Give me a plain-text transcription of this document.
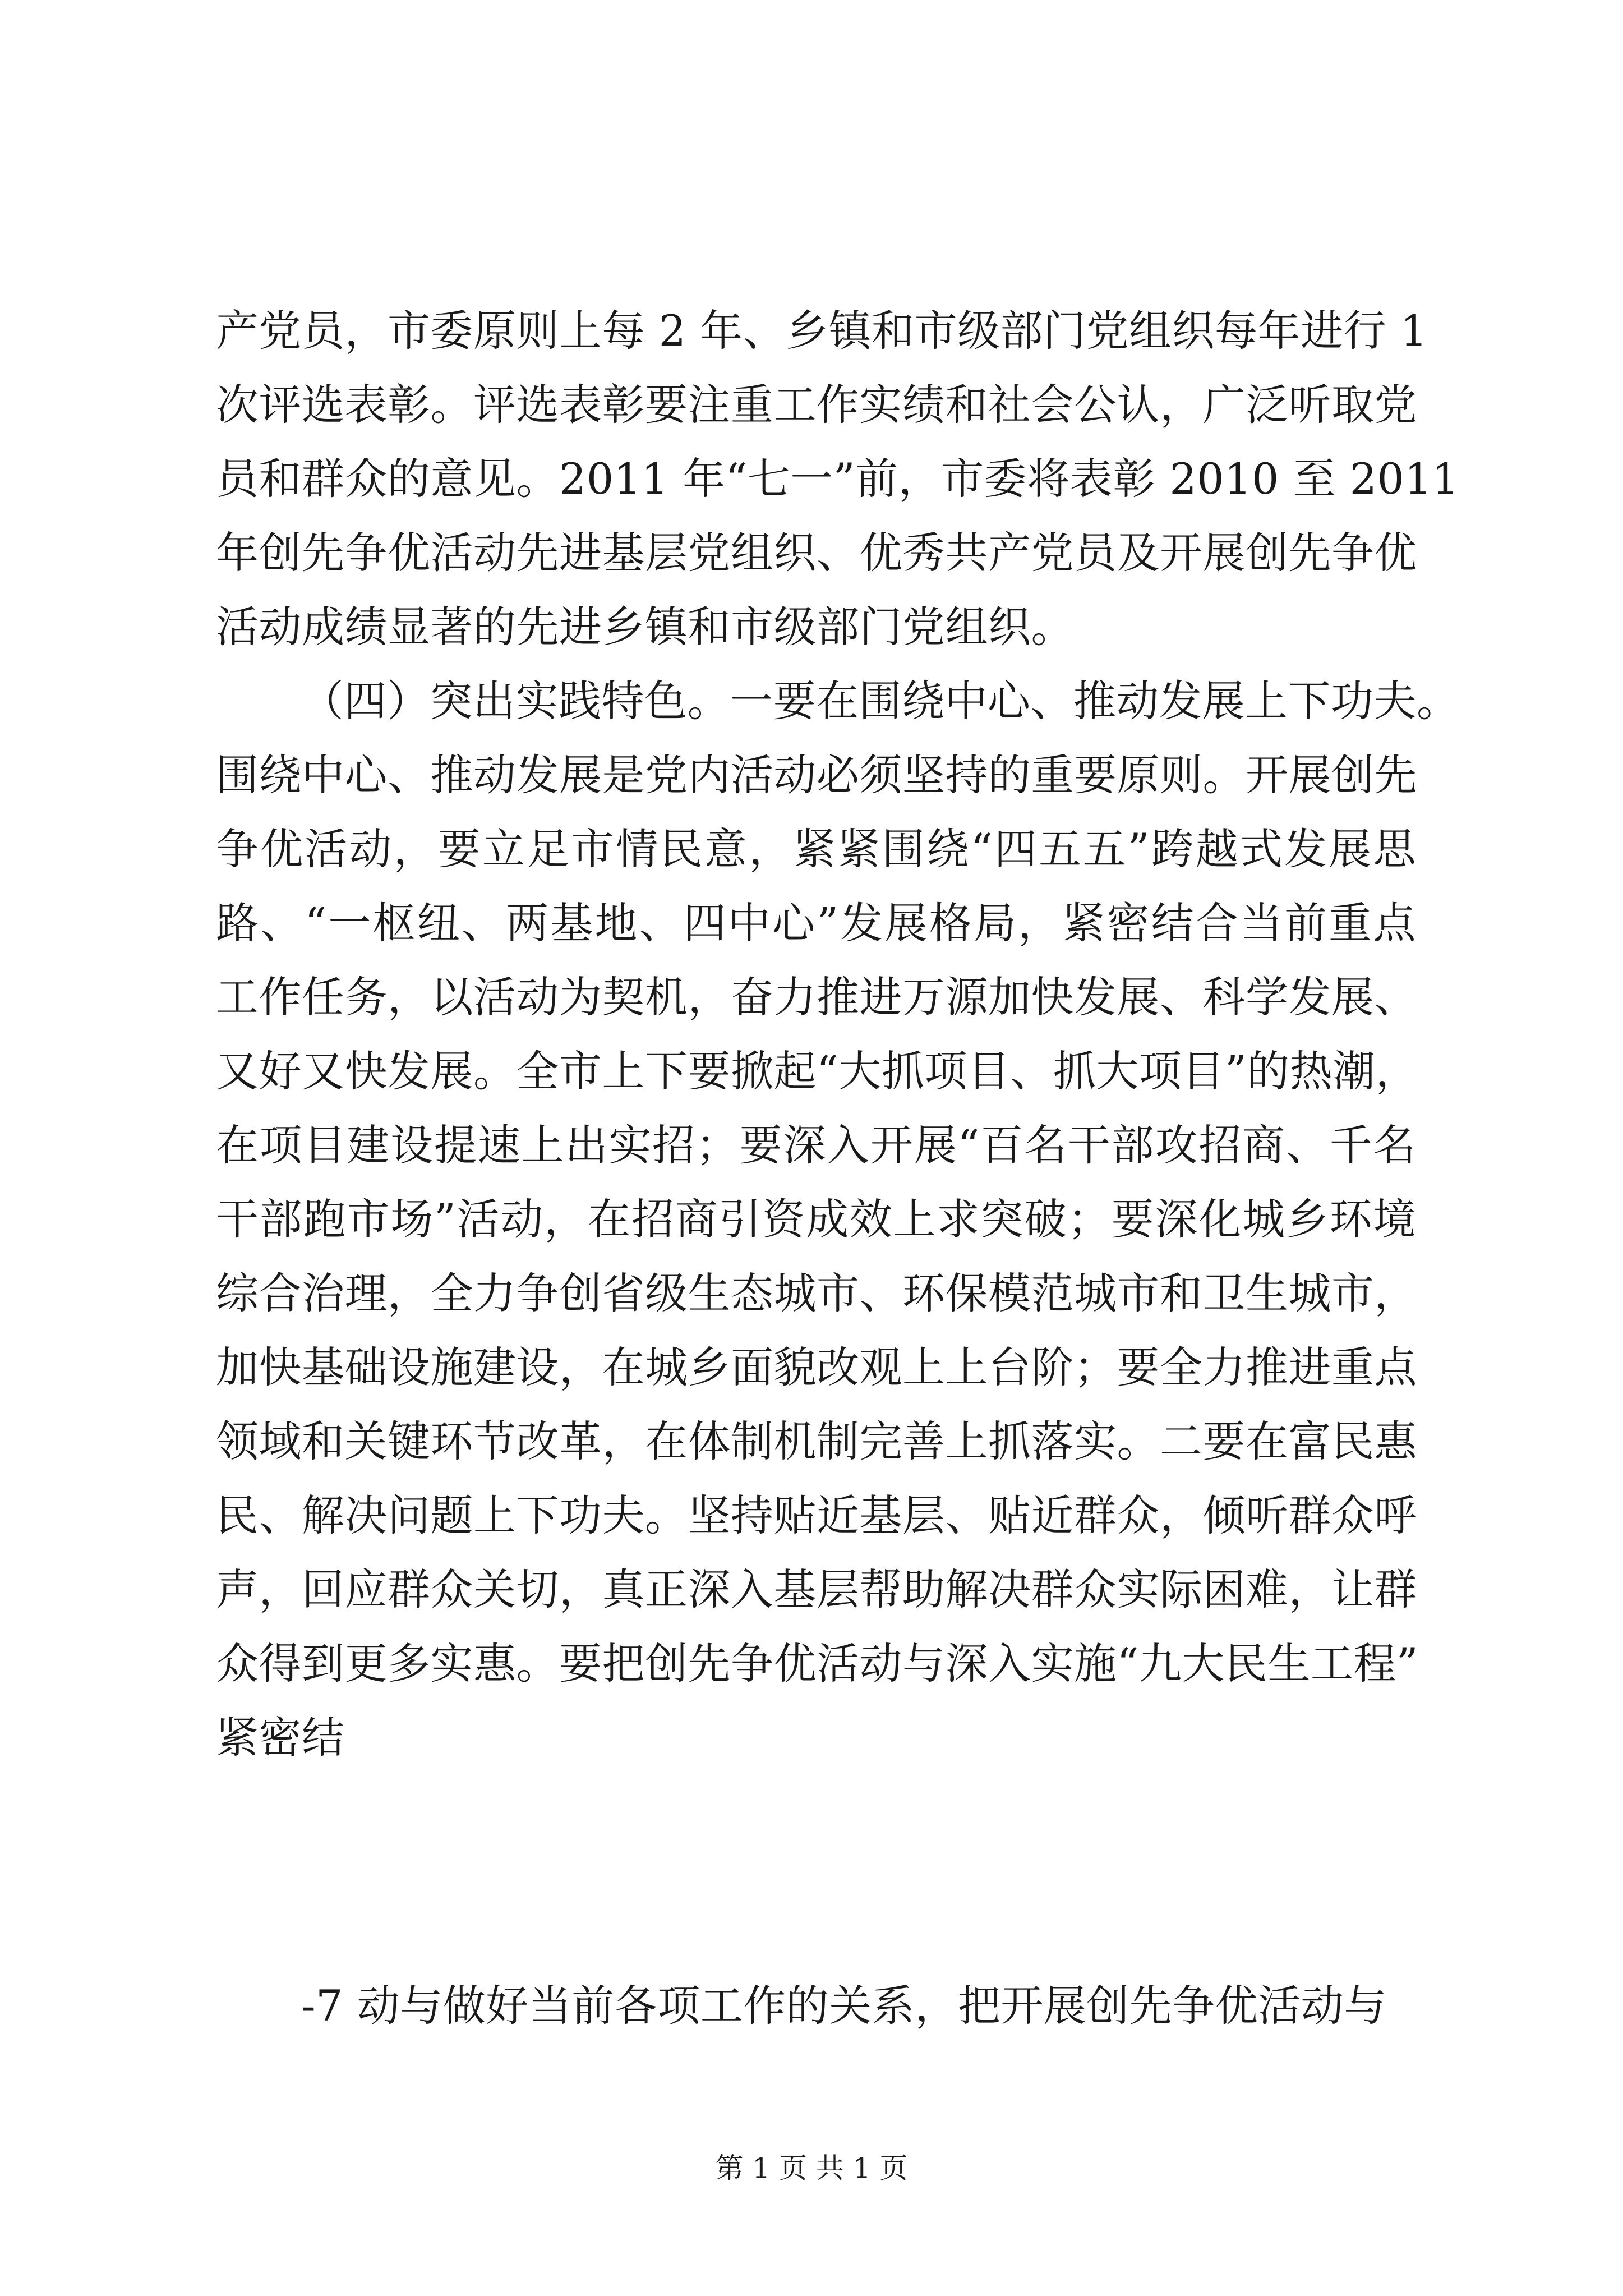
产党员，市委原则上每 2 年、乡镇和市级部门党组织每年进行 1
次评选表彰。评选表彰要注重工作实绩和社会公认，广泛听取党
员和群众的意见。2011 年“七一”前，市委将表彰 2010 至 2011
年创先争优活动先进基层党组织、优秀共产党员及开展创先争优
活动成绩显著的先进乡镇和市级部门党组织。
（四）突出实践特色。一要在围绕中心、推动发展上下功夫。
围绕中心、推动发展是党内活动必须坚持的重要原则。开展创先
争优活动，要立足市情民意，紧紧围绕“四五五”跨越式发展思
路、“一枢纽、两基地、四中心”发展格局，紧密结合当前重点
工作任务，以活动为契机，奋力推进万源加快发展、科学发展、
又好又快发展。全市上下要掀起“大抓项目、抓大项目”的热潮，
在项目建设提速上出实招；要深入开展“百名干部攻招商、千名
干部跑市场”活动，在招商引资成效上求突破；要深化城乡环境
综合治理，全力争创省级生态城市、环保模范城市和卫生城市，
加快基础设施建设，在城乡面貌改观上上台阶；要全力推进重点
领域和关键环节改革，在体制机制完善上抓落实。二要在富民惠
民、解决问题上下功夫。坚持贴近基层、贴近群众，倾听群众呼
声，回应群众关切，真正深入基层帮助解决群众实际困难，让群
众得到更多实惠。要把创先争优活动与深入实施“九大民生工程”
紧密结
-7 动与做好当前各项工作的关系，把开展创先争优活动与
第 1 页 共 1 页
